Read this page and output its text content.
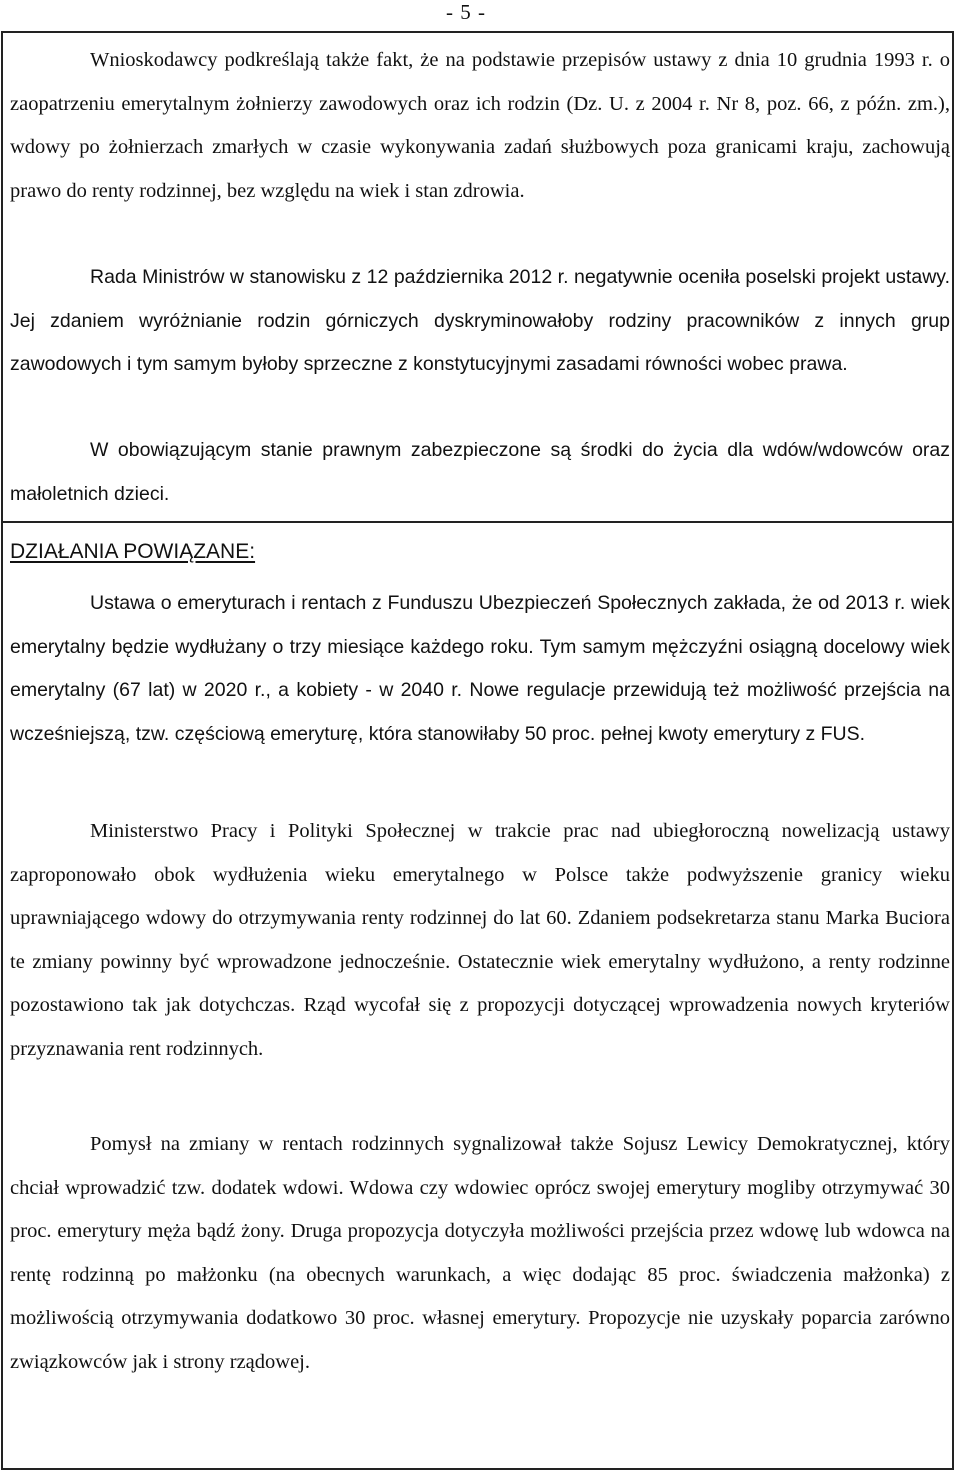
- 5 -

Wnioskodawcy podkreślają także fakt, że na podstawie przepisów ustawy z dnia 10 grudnia 1993 r. o zaopatrzeniu emerytalnym żołnierzy zawodowych oraz ich rodzin (Dz. U. z 2004 r. Nr 8, poz. 66, z późn. zm.), wdowy po żołnierzach zmarłych w czasie wykonywania zadań służbowych poza granicami kraju, zachowują prawo do renty rodzinnej, bez względu na wiek i stan zdrowia.

Rada Ministrów w stanowisku z 12 października 2012 r. negatywnie oceniła poselski projekt ustawy. Jej zdaniem wyróżnianie rodzin górniczych dyskryminowałoby rodziny pracowników z innych grup zawodowych i tym samym byłoby sprzeczne z konstytucyjnymi zasadami równości wobec prawa.

W obowiązującym stanie prawnym zabezpieczone są środki do życia dla wdów/wdowców oraz małoletnich dzieci.

DZIAŁANIA POWIĄZANE:

Ustawa o emeryturach i rentach z Funduszu Ubezpieczeń Społecznych zakłada, że od 2013 r. wiek emerytalny będzie wydłużany o trzy miesiące każdego roku. Tym samym mężczyźni osiągną docelowy wiek emerytalny (67 lat) w 2020 r., a kobiety - w 2040 r. Nowe regulacje przewidują też możliwość przejścia na wcześniejszą, tzw. częściową emeryturę, która stanowiłaby 50 proc. pełnej kwoty emerytury z FUS.

Ministerstwo Pracy i Polityki Społecznej w trakcie prac nad ubiegłoroczną nowelizacją ustawy zaproponowało obok wydłużenia wieku emerytalnego w Polsce także podwyższenie granicy wieku uprawniającego wdowy do otrzymywania renty rodzinnej do lat 60. Zdaniem podsekretarza stanu Marka Buciora te zmiany powinny być wprowadzone jednocześnie. Ostatecznie wiek emerytalny wydłużono, a renty rodzinne pozostawiono tak jak dotychczas. Rząd wycofał się z propozycji dotyczącej wprowadzenia nowych kryteriów przyznawania rent rodzinnych.

Pomysł na zmiany w rentach rodzinnych sygnalizował także Sojusz Lewicy Demokratycznej, który chciał wprowadzić tzw. dodatek wdowi. Wdowa czy wdowiec oprócz swojej emerytury mogliby otrzymywać 30 proc. emerytury męża bądź żony. Druga propozycja dotyczyła możliwości przejścia przez wdowę lub wdowca na rentę rodzinną po małżonku (na obecnych warunkach, a więc dodając 85 proc. świadczenia małżonka) z możliwością otrzymywania dodatkowo 30 proc. własnej emerytury. Propozycje nie uzyskały poparcia zarówno związkowców jak i strony rządowej.
